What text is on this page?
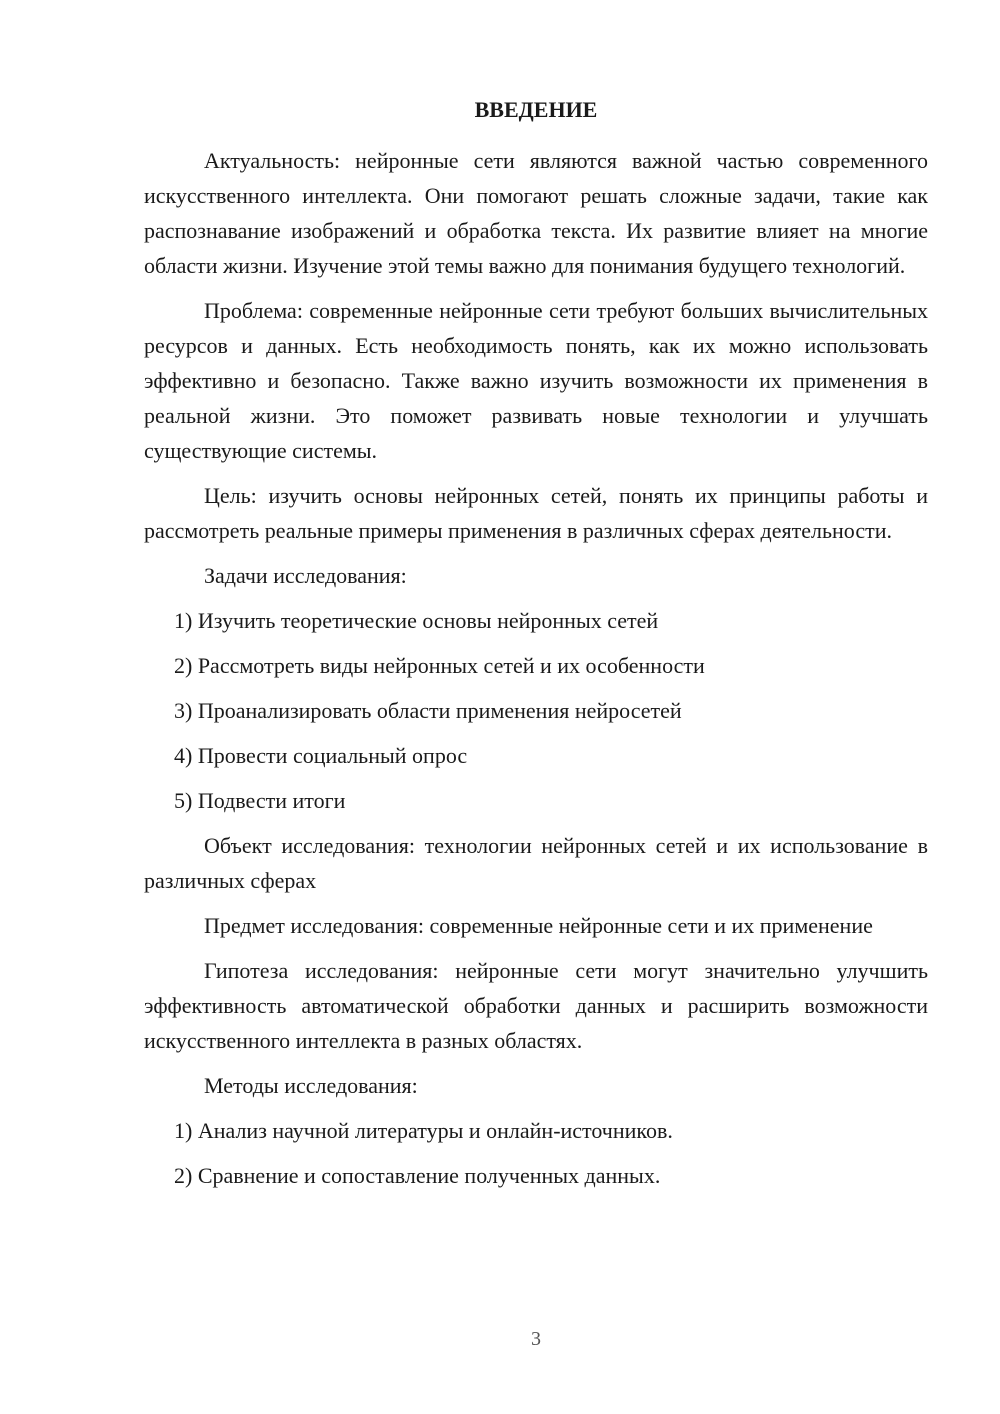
ВВЕДЕНИЕ

Актуальность: нейронные сети являются важной частью современного искусственного интеллекта. Они помогают решать сложные задачи, такие как распознавание изображений и обработка текста. Их развитие влияет на многие области жизни. Изучение этой темы важно для понимания будущего технологий.

Проблема: современные нейронные сети требуют больших вычислительных ресурсов и данных. Есть необходимость понять, как их можно использовать эффективно и безопасно. Также важно изучить возможности их применения в реальной жизни. Это поможет развивать новые технологии и улучшать существующие системы.

Цель: изучить основы нейронных сетей, понять их принципы работы и рассмотреть реальные примеры применения в различных сферах деятельности.

Задачи исследования:

1) Изучить теоретические основы нейронных сетей
2) Рассмотреть виды нейронных сетей и их особенности
3) Проанализировать области применения нейросетей
4) Провести социальный опрос
5) Подвести итоги

Объект исследования: технологии нейронных сетей и их использование в различных сферах

Предмет исследования: современные нейронные сети и их применение

Гипотеза исследования: нейронные сети могут значительно улучшить эффективность автоматической обработки данных и расширить возможности искусственного интеллекта в разных областях.

Методы исследования:

1) Анализ научной литературы и онлайн-источников.
2) Сравнение и сопоставление полученных данных.
3
